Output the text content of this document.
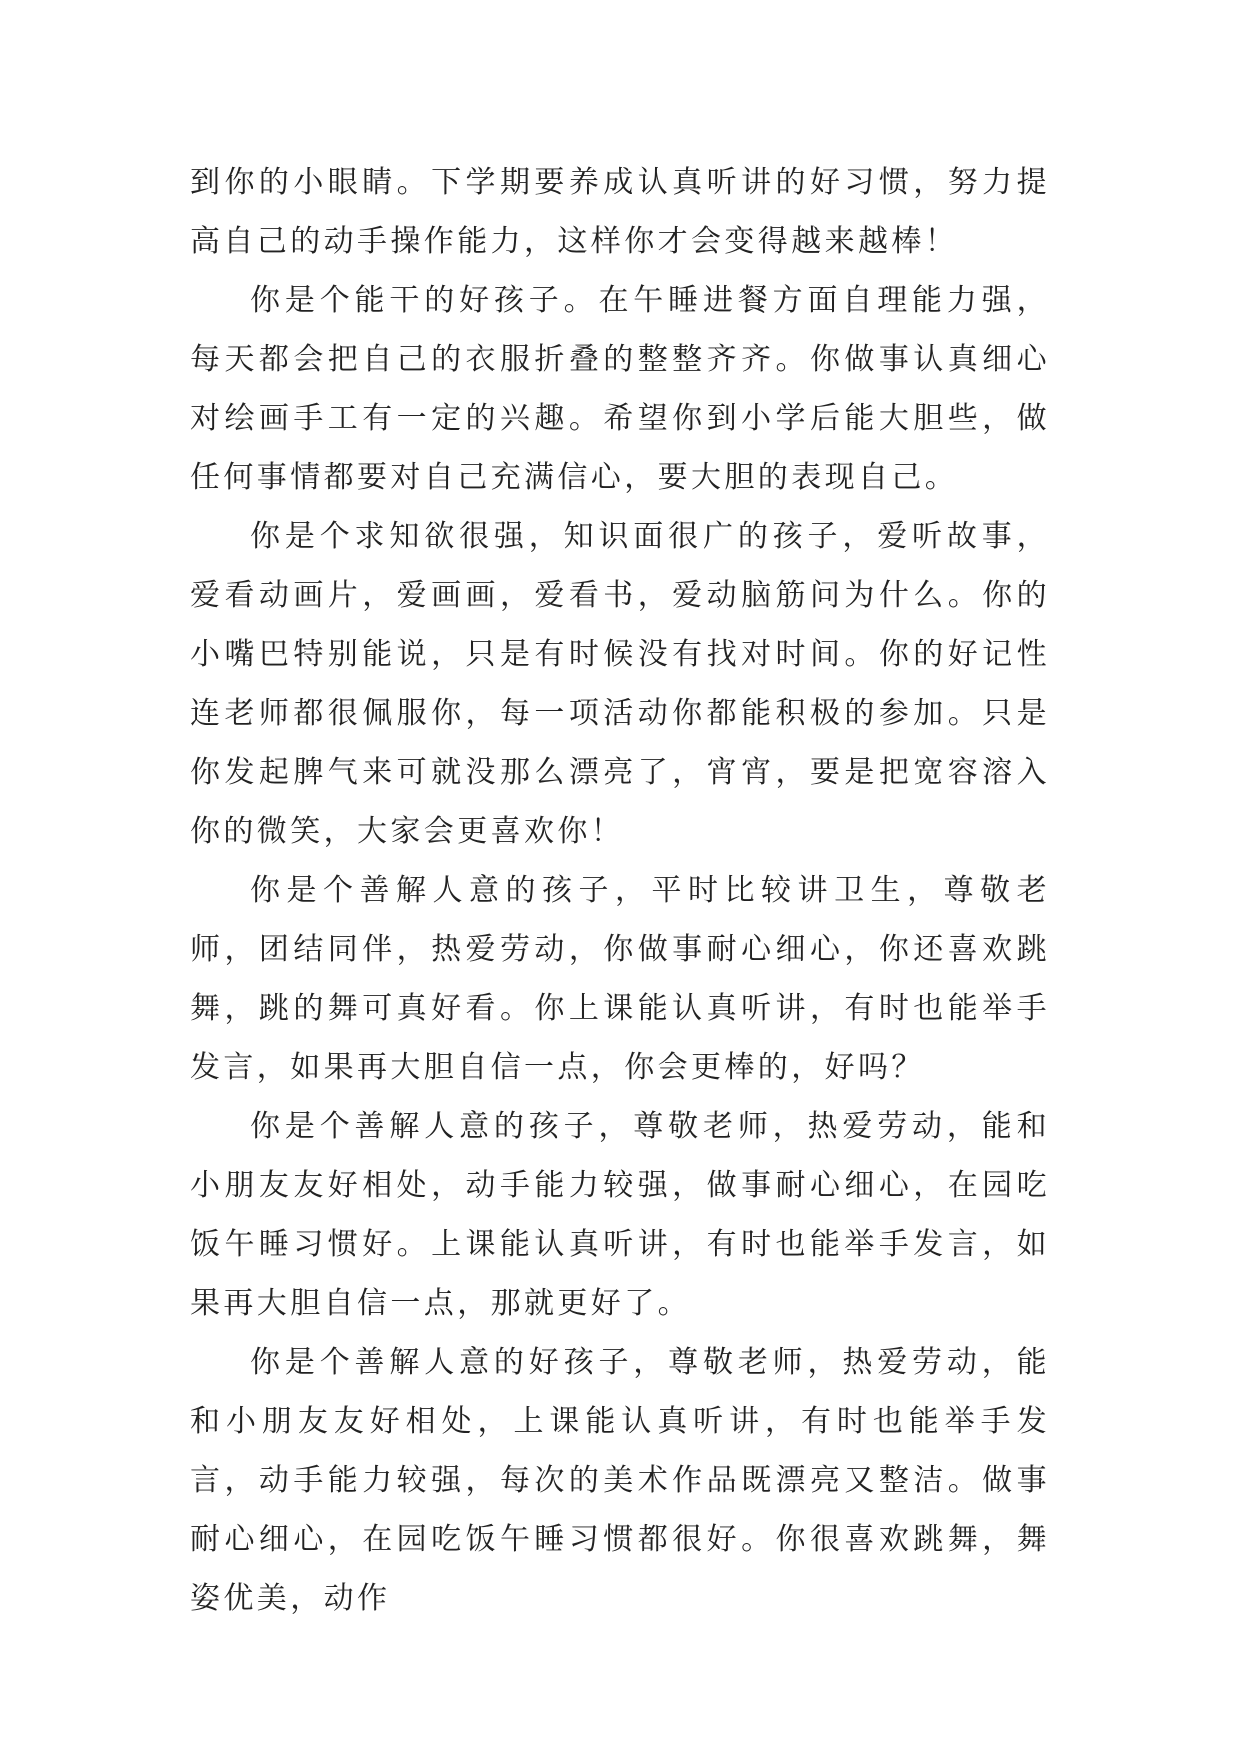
到你的小眼睛。下学期要养成认真听讲的好习惯，努力提高自己的动手操作能力，这样你才会变得越来越棒！

你是个能干的好孩子。在午睡进餐方面自理能力强，每天都会把自己的衣服折叠的整整齐齐。你做事认真细心对绘画手工有一定的兴趣。希望你到小学后能大胆些，做任何事情都要对自己充满信心，要大胆的表现自己。

你是个求知欲很强，知识面很广的孩子，爱听故事，爱看动画片，爱画画，爱看书，爱动脑筋问为什么。你的小嘴巴特别能说，只是有时候没有找对时间。你的好记性连老师都很佩服你，每一项活动你都能积极的参加。只是你发起脾气来可就没那么漂亮了，宵宵，要是把宽容溶入你的微笑，大家会更喜欢你！

你是个善解人意的孩子，平时比较讲卫生，尊敬老师，团结同伴，热爱劳动，你做事耐心细心，你还喜欢跳舞，跳的舞可真好看。你上课能认真听讲，有时也能举手发言，如果再大胆自信一点，你会更棒的，好吗？

你是个善解人意的孩子，尊敬老师，热爱劳动，能和小朋友友好相处，动手能力较强，做事耐心细心，在园吃饭午睡习惯好。上课能认真听讲，有时也能举手发言，如果再大胆自信一点，那就更好了。

你是个善解人意的好孩子，尊敬老师，热爱劳动，能和小朋友友好相处，上课能认真听讲，有时也能举手发言，动手能力较强，每次的美术作品既漂亮又整洁。做事耐心细心，在园吃饭午睡习惯都很好。你很喜欢跳舞，舞姿优美，动作
